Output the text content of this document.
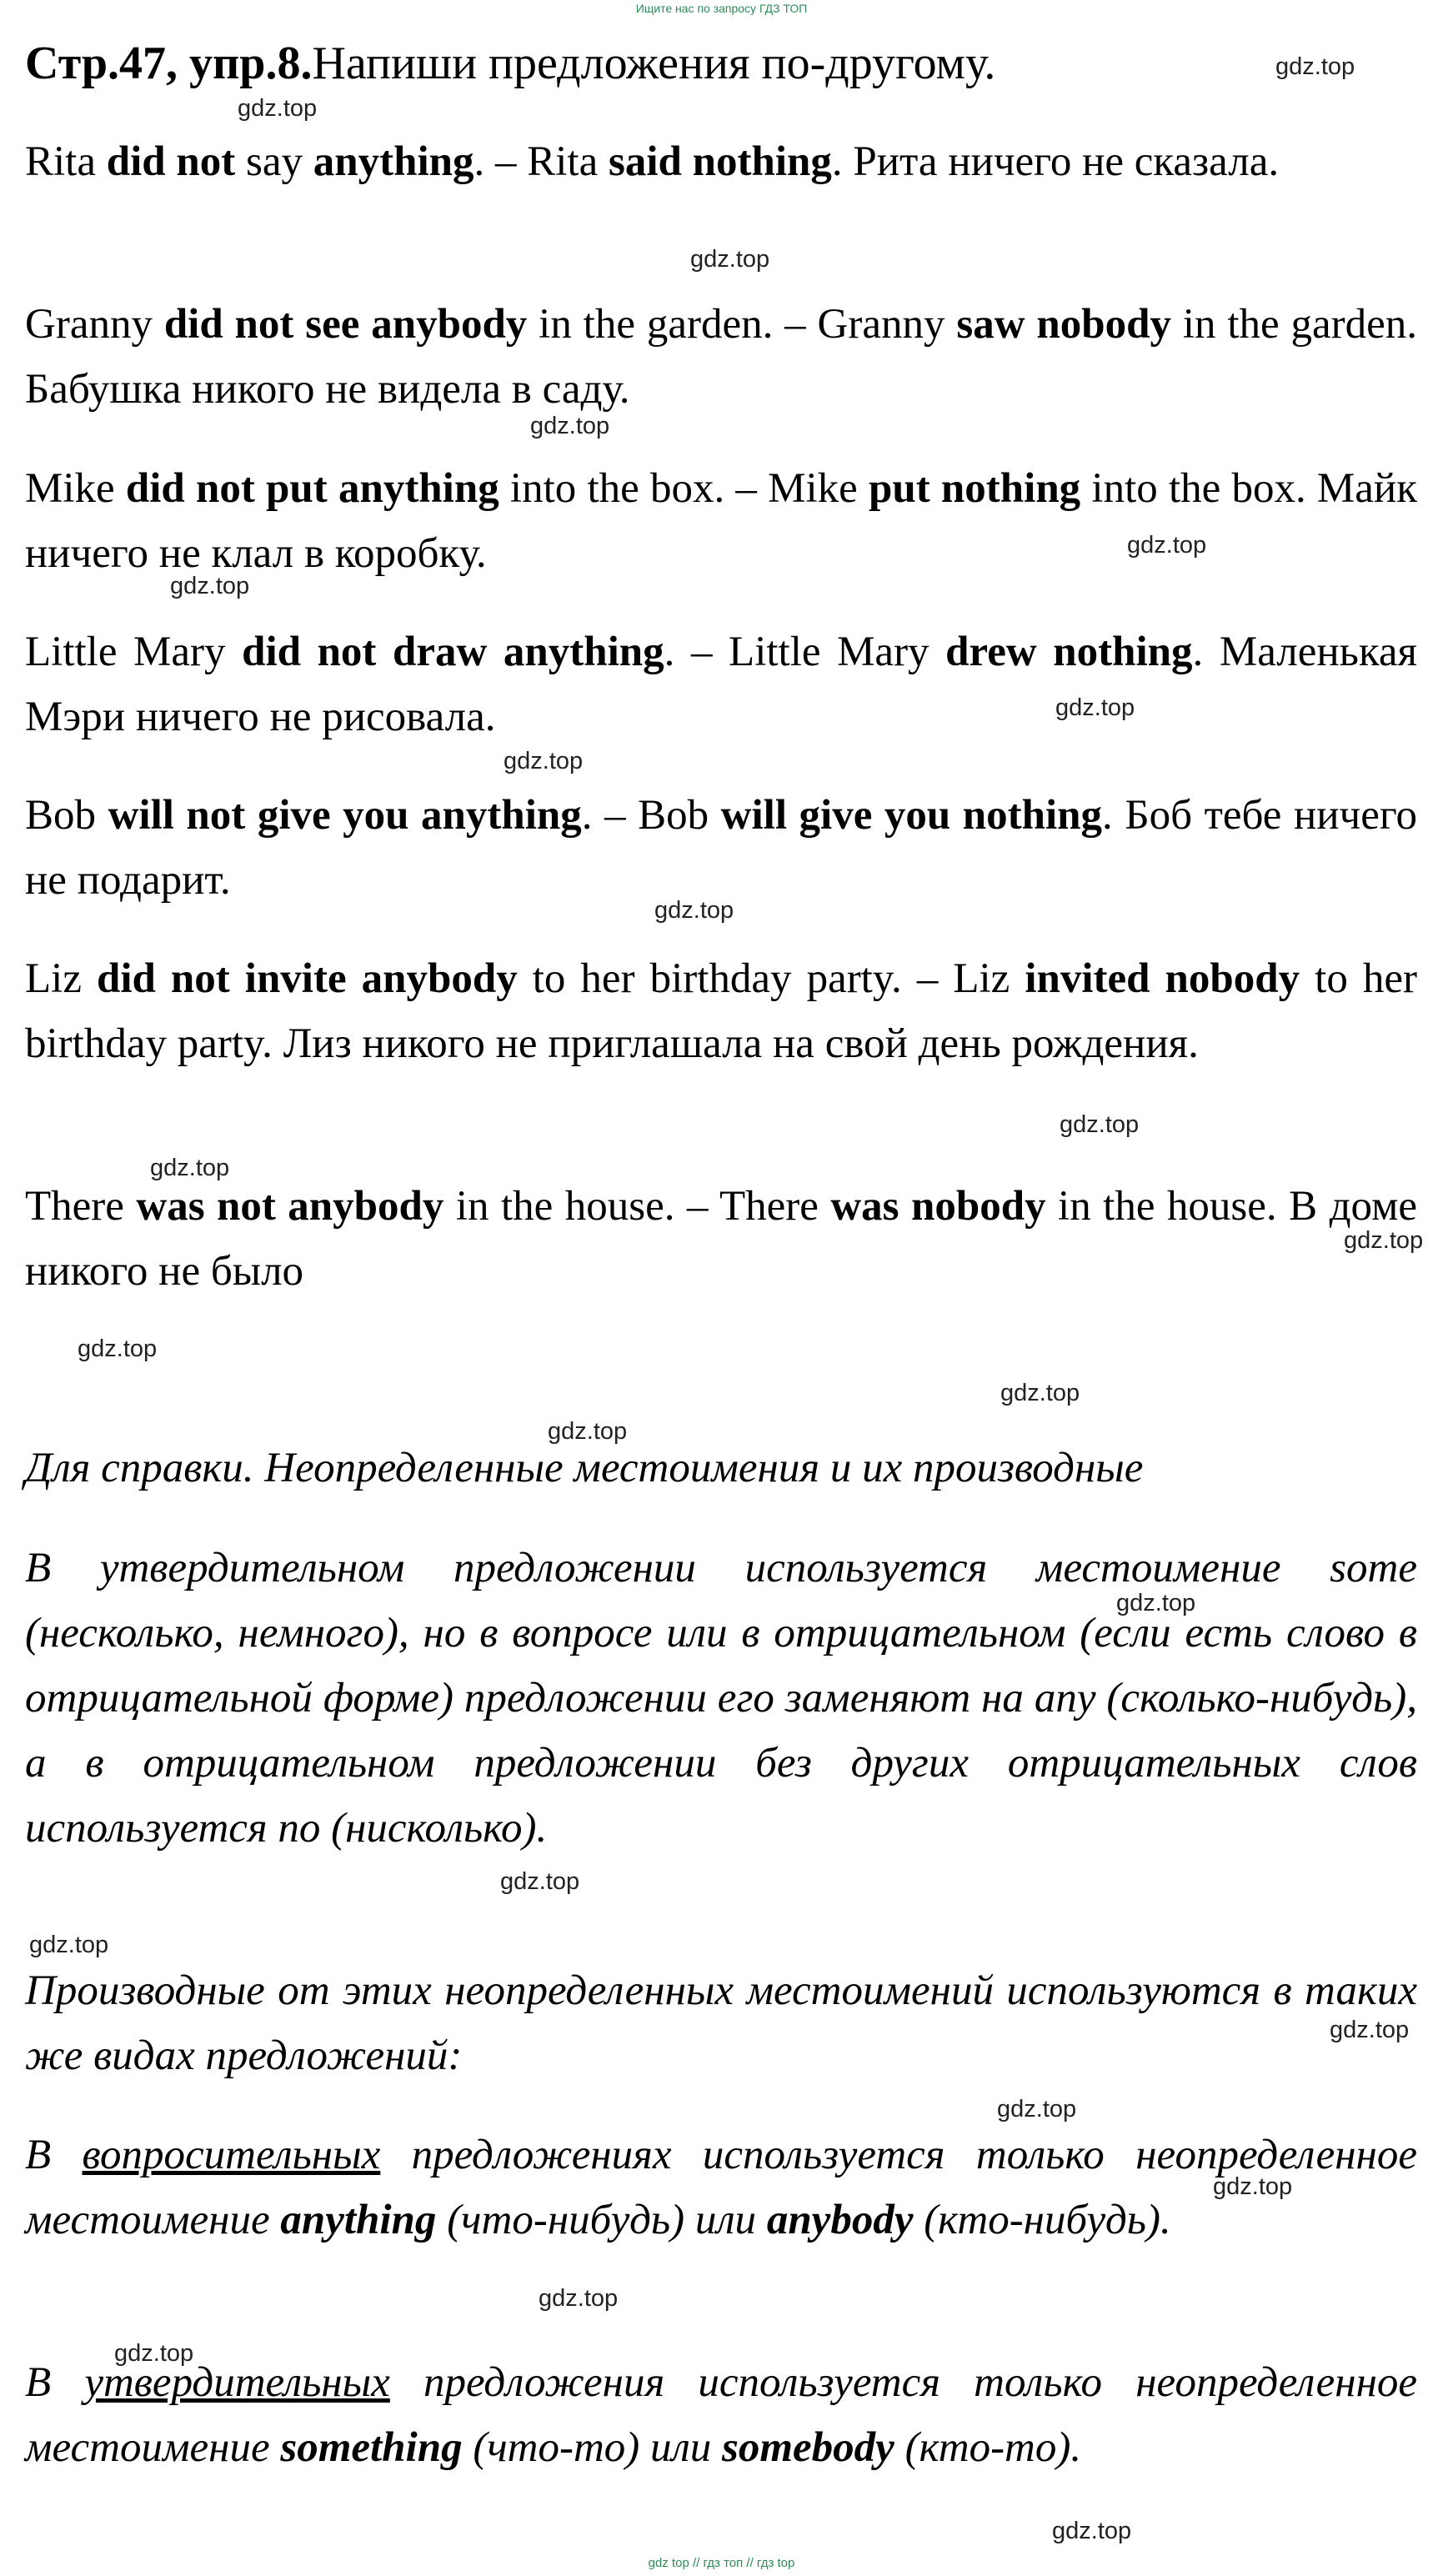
Ищите нас по запросу ГДЗ ТОП
Стр.47, упр.8.Напиши предложения по-другому.
Rita did not say anything. – Rita said nothing. Рита ничего не сказала.
Granny did not see anybody in the garden. – Granny saw nobody in the garden. Бабушка никого не видела в саду.
Mike did not put anything into the box. – Mike put nothing into the box. Майк ничего не клал в коробку.
Little Mary did not draw anything. – Little Mary drew nothing. Маленькая Мэри ничего не рисовала.
Bob will not give you anything. – Bob will give you nothing. Боб тебе ничего не подарит.
Liz did not invite anybody to her birthday party. – Liz invited nobody to her birthday party. Лиз никого не приглашала на свой день рождения.
There was not anybody in the house. – There was nobody in the house. В доме никого не было
Для справки. Неопределенные местоимения и их производные
В утвердительном предложении используется местоимение some (несколько, немного), но в вопросе или в отрицательном (если есть слово в отрицательной форме) предложении его заменяют на any (сколько-нибудь), а в отрицательном предложении без других отрицательных слов используется no (нисколько).
Производные от этих неопределенных местоимений используются в таких же видах предложений:
В вопросительных предложениях используется только неопределенное местоимение anything (что-нибудь) или anybody (кто-нибудь).
В утвердительных предложения используется только неопределенное местоимение something (что-то) или somebody (кто-то).
gdz.top
gdz.top
gdz.top
gdz.top
gdz.top
gdz.top
gdz.top
gdz.top
gdz.top
gdz.top
gdz.top
gdz.top
gdz.top
gdz.top
gdz.top
gdz.top
gdz.top
gdz.top
gdz.top
gdz.top
gdz.top
gdz.top
gdz.top
gdz.top
gdz top // гдз топ // гдз top
